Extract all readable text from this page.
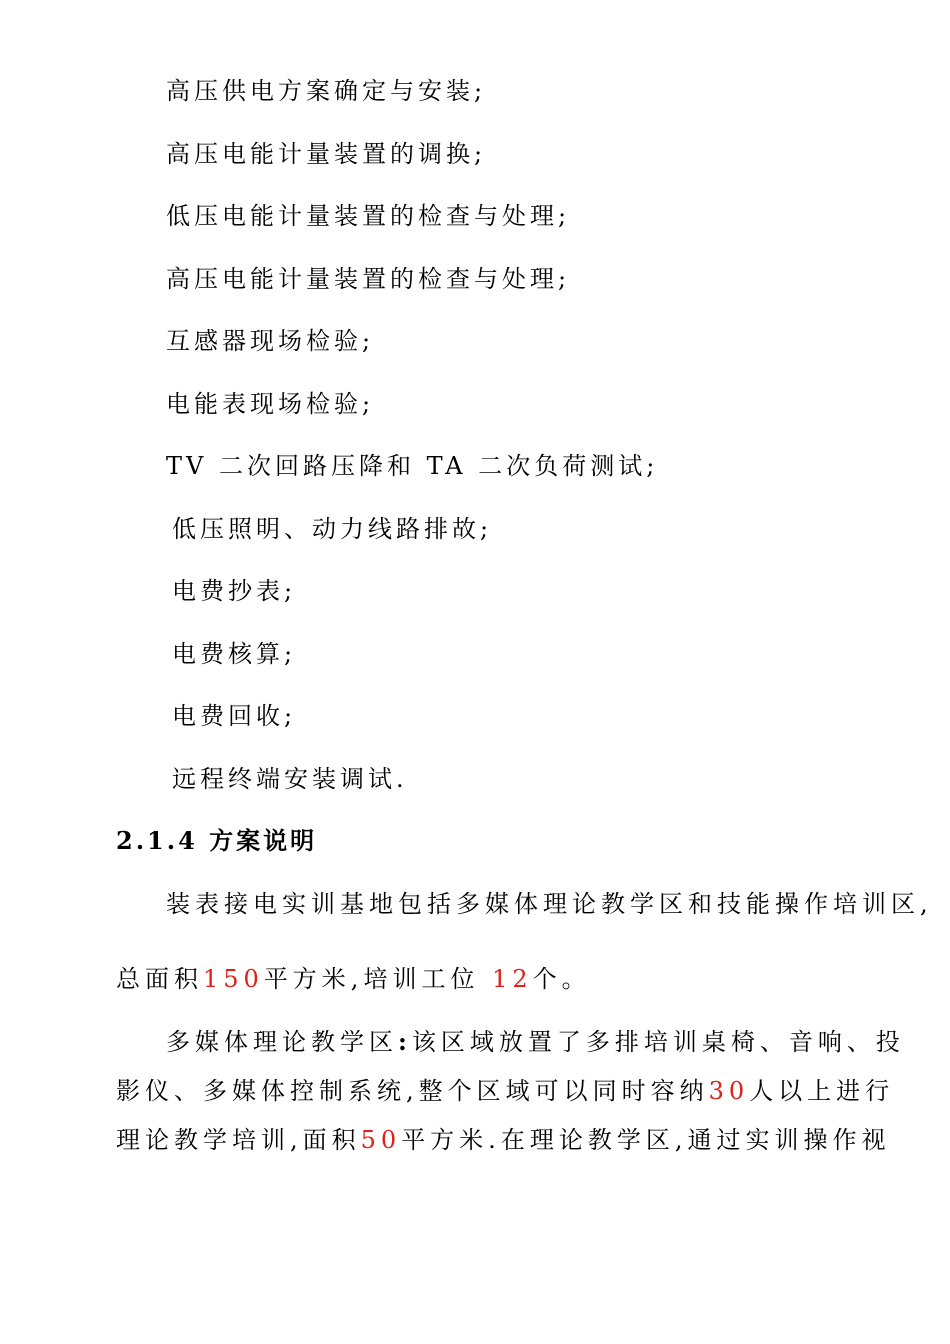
高压供电方案确定与安装;
高压电能计量装置的调换;
低压电能计量装置的检查与处理;
高压电能计量装置的检查与处理;
互感器现场检验;
电能表现场检验;
TV 二次回路压降和 TA 二次负荷测试;
低压照明、动力线路排故;
电费抄表;
电费核算;
电费回收;
远程终端安装调试.
2.1.4 方案说明
装表接电实训基地包括多媒体理论教学区和技能操作培训区,
总面积150平方米,培训工位 12个。
多媒体理论教学区:该区域放置了多排培训桌椅、音响、投
影仪、多媒体控制系统,整个区域可以同时容纳30人以上进行
理论教学培训,面积50平方米.在理论教学区,通过实训操作视
